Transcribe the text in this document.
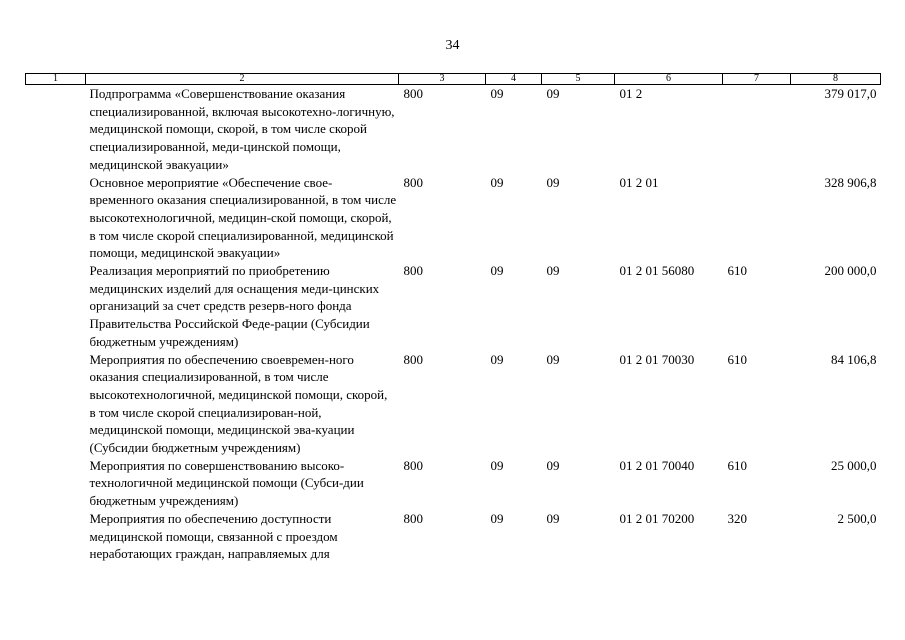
34
1	2	3	4	5	6	7	8
	Подпрограмма «Совершенствование оказания специализированной, включая высокотехно-логичную, медицинской помощи, скорой, в том числе скорой специализированной, меди-цинской помощи, медицинской эвакуации»	800	09	09	01 2		379 017,0
	Основное мероприятие «Обеспечение свое-временного оказания специализированной, в том числе высокотехнологичной, медицин-ской помощи, скорой, в том числе скорой специализированной, медицинской помощи, медицинской эвакуации»	800	09	09	01 2 01		328 906,8
	Реализация мероприятий по приобретению медицинских изделий для оснащения меди-цинских организаций за счет средств резерв-ного фонда Правительства Российской Феде-рации (Субсидии бюджетным учреждениям)	800	09	09	01 2 01 56080	610	200 000,0
	Мероприятия по обеспечению своевремен-ного оказания специализированной, в том числе высокотехнологичной, медицинской помощи, скорой, в том числе скорой специализирован-ной, медицинской помощи, медицинской эва-куации (Субсидии бюджетным учреждениям)	800	09	09	01 2 01 70030	610	84 106,8
	Мероприятия по совершенствованию высоко-технологичной медицинской помощи (Субси-дии бюджетным учреждениям)	800	09	09	01 2 01 70040	610	25 000,0
	Мероприятия по обеспечению доступности медицинской помощи, связанной с проездом неработающих граждан, направляемых для	800	09	09	01 2 01 70200	320	2 500,0
